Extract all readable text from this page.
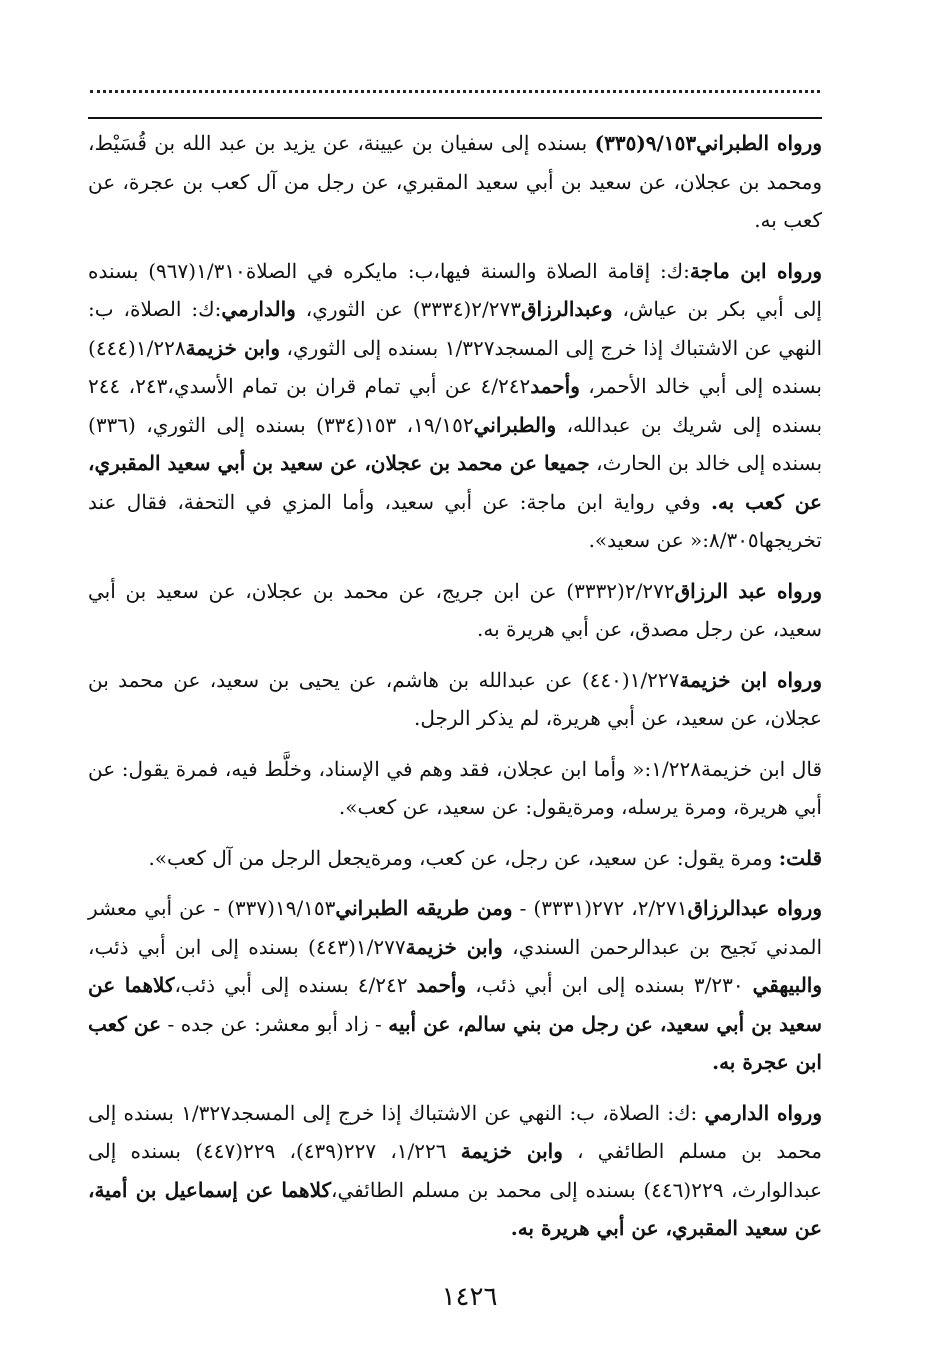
ورواه الطبراني٩/١٥٣(٣٣٥) بسنده إلى سفيان بن عيينة، عن يزيد بن عبد الله بن قُسَيْط، ومحمد بن عجلان، عن سعيد بن أبي سعيد المقبري، عن رجل من آل كعب بن عجرة، عن كعب به.

ورواه ابن ماجة:ك: إقامة الصلاة والسنة فيها،ب: مايكره في الصلاة١/٣١٠(٩٦٧) بسنده إلى أبي بكر بن عياش، وعبدالرزاق٢/٢٧٣(٣٣٣٤) عن الثوري، والدارمي:ك: الصلاة، ب: النهي عن الاشتباك إذا خرج إلى المسجد١/٣٢٧ بسنده إلى الثوري، وابن خزيمة١/٢٢٨(٤٤٤) بسنده إلى أبي خالد الأحمر، وأحمد٤/٢٤٢ عن أبي تمام قران بن تمام الأسدي،٢٤٣، ٢٤٤ بسنده إلى شريك بن عبدالله، والطبراني١٩/١٥٢، ١٥٣(٣٣٤) بسنده إلى الثوري، (٣٣٦) بسنده إلى خالد بن الحارث، جميعا عن محمد بن عجلان، عن سعيد بن أبي سعيد المقبري، عن كعب به. وفي رواية ابن ماجة: عن أبي سعيد، وأما المزي في التحفة، فقال عند تخريجها٨/٣٠٥:« عن سعيد».

ورواه عبد الرزاق٢/٢٧٢(٣٣٣٢) عن ابن جريج، عن محمد بن عجلان، عن سعيد بن أبي سعيد، عن رجل مصدق، عن أبي هريرة به.

ورواه ابن خزيمة١/٢٢٧(٤٤٠) عن عبدالله بن هاشم، عن يحيى بن سعيد، عن محمد بن عجلان، عن سعيد، عن أبي هريرة، لم يذكر الرجل.

قال ابن خزيمة١/٢٢٨:« وأما ابن عجلان، فقد وهم في الإسناد، وخلَّط فيه، فمرة يقول: عن أبي هريرة، ومرة يرسله، ومرةيقول: عن سعيد، عن كعب».

قلت: ومرة يقول: عن سعيد، عن رجل، عن كعب، ومرةيجعل الرجل من آل كعب».

ورواه عبدالرزاق٢/٢٧١، ٢٧٢(٣٣٣١) - ومن طريقه الطبراني١٩/١٥٣(٣٣٧) - عن أبي معشر المدني نَجيح بن عبدالرحمن السندي، وابن خزيمة١/٢٧٧(٤٤٣) بسنده إلى ابن أبي ذئب، والبيهقي ٣/٢٣٠ بسنده إلى ابن أبي ذئب، وأحمد ٤/٢٤٢ بسنده إلى أبي ذئب،كلاهما عن سعيد بن أبي سعيد، عن رجل من بني سالم، عن أبيه - زاد أبو معشر: عن جده - عن كعب ابن عجرة به.

ورواه الدارمي :ك: الصلاة، ب: النهي عن الاشتباك إذا خرج إلى المسجد١/٣٢٧ بسنده إلى محمد بن مسلم الطائفي ، وابن خزيمة ١/٢٢٦، ٢٢٧(٤٣٩)، ٢٢٩(٤٤٧) بسنده إلى عبدالوارث، ٢٢٩(٤٤٦) بسنده إلى محمد بن مسلم الطائفي،كلاهما عن إسماعيل بن أمية، عن سعيد المقبري، عن أبي هريرة به.

١٤٢٦
